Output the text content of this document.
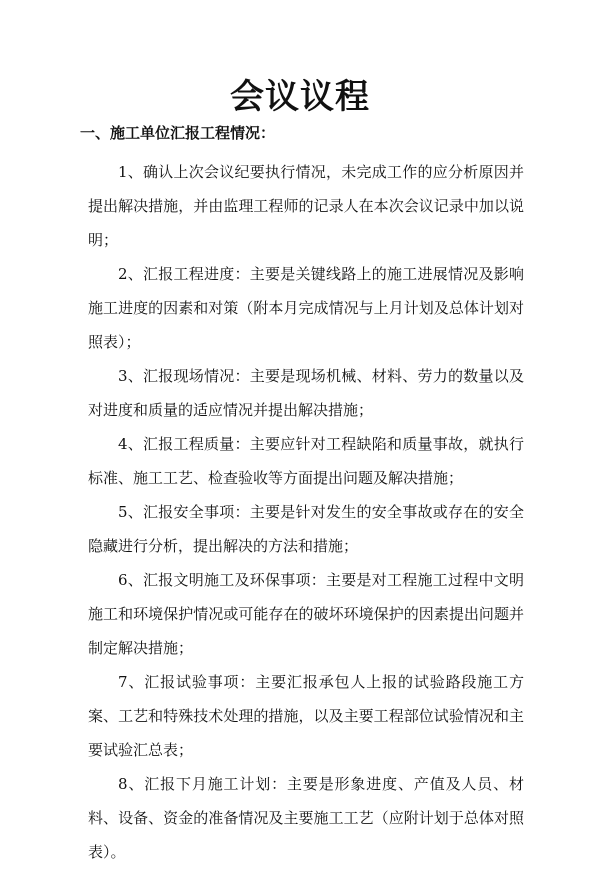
会议议程
一、施工单位汇报工程情况：
1、确认上次会议纪要执行情况，未完成工作的应分析原因并提出解决措施，并由监理工程师的记录人在本次会议记录中加以说明；
2、汇报工程进度：主要是关键线路上的施工进展情况及影响施工进度的因素和对策（附本月完成情况与上月计划及总体计划对照表）；
3、汇报现场情况：主要是现场机械、材料、劳力的数量以及对进度和质量的适应情况并提出解决措施；
4、汇报工程质量：主要应针对工程缺陷和质量事故，就执行标准、施工工艺、检查验收等方面提出问题及解决措施；
5、汇报安全事项：主要是针对发生的安全事故或存在的安全隐藏进行分析，提出解决的方法和措施；
6、汇报文明施工及环保事项：主要是对工程施工过程中文明施工和环境保护情况或可能存在的破坏环境保护的因素提出问题并制定解决措施；
7、汇报试验事项：主要汇报承包人上报的试验路段施工方案、工艺和特殊技术处理的措施，以及主要工程部位试验情况和主要试验汇总表；
8、汇报下月施工计划：主要是形象进度、产值及人员、材料、设备、资金的准备情况及主要施工工艺（应附计划于总体对照表）。
